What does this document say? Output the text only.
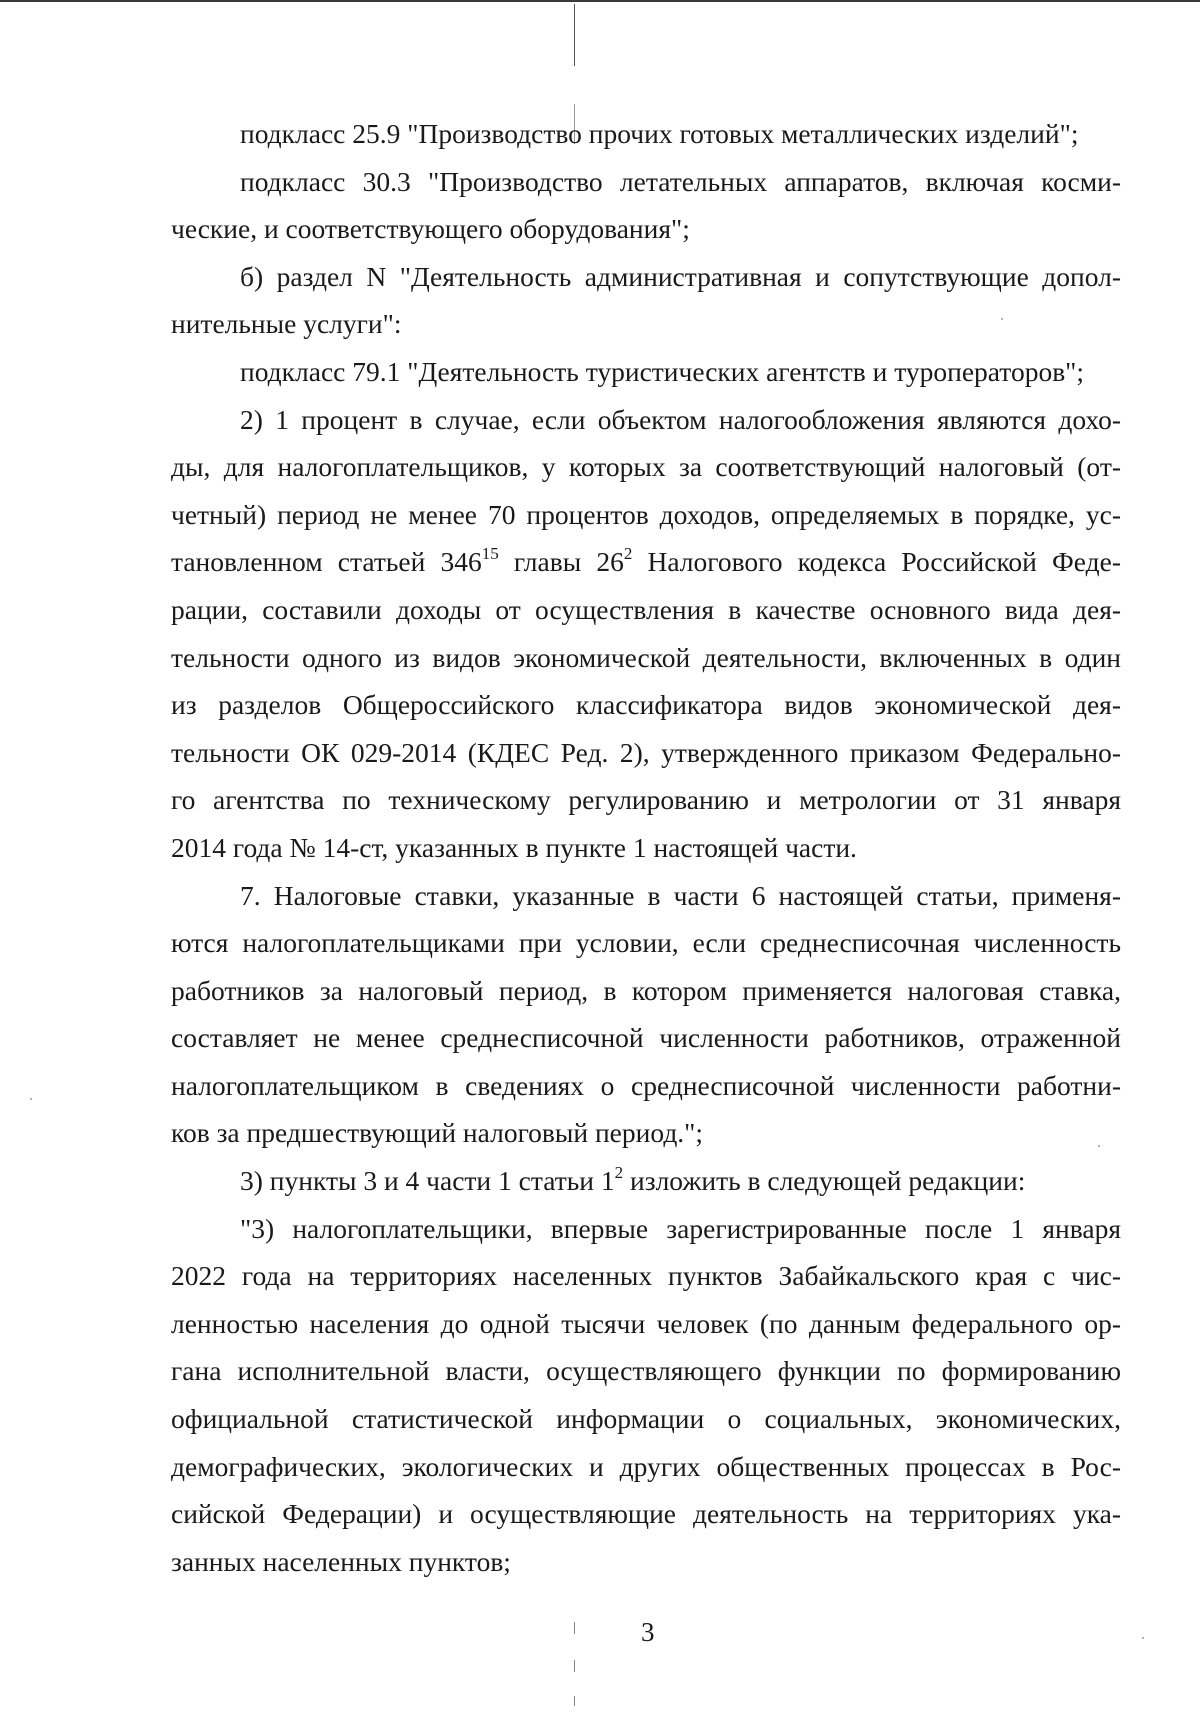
подкласс 25.9 "Производство прочих готовых металлических изделий";
подкласс 30.3 "Производство летательных аппаратов, включая косми-
ческие, и соответствующего оборудования";
б) раздел N "Деятельность административная и сопутствующие допол-
нительные услуги":
подкласс 79.1 "Деятельность туристических агентств и туроператоров";
2) 1 процент в случае, если объектом налогообложения являются дохо-
ды, для налогоплательщиков, у которых за соответствующий налоговый (от-
четный) период не менее 70 процентов доходов, определяемых в порядке, ус-
тановленном статьей $346^{15}$ главы $26^2$ Налогового кодекса Российской Феде-
рации, составили доходы от осуществления в качестве основного вида дея-
тельности одного из видов экономической деятельности, включенных в один
из разделов Общероссийского классификатора видов экономической дея-
тельности ОК 029-2014 (КДЕС Ред. 2), утвержденного приказом Федерально-
го агентства по техническому регулированию и метрологии от 31 января
2014 года № 14-ст, указанных в пункте 1 настоящей части.
7. Налоговые ставки, указанные в части 6 настоящей статьи, применя-
ются налогоплательщиками при условии, если среднесписочная численность
работников за налоговый период, в котором применяется налоговая ставка,
составляет не менее среднесписочной численности работников, отраженной
налогоплательщиком в сведениях о среднесписочной численности работни-
ков за предшествующий налоговый период.";
3) пункты 3 и 4 части 1 статьи $1^2$ изложить в следующей редакции:
"3) налогоплательщики, впервые зарегистрированные после 1 января
2022 года на территориях населенных пунктов Забайкальского края с чис-
ленностью населения до одной тысячи человек (по данным федерального ор-
гана исполнительной власти, осуществляющего функции по формированию
официальной статистической информации о социальных, экономических,
демографических, экологических и других общественных процессах в Рос-
сийской Федерации) и осуществляющие деятельность на территориях ука-
занных населенных пунктов;
3
